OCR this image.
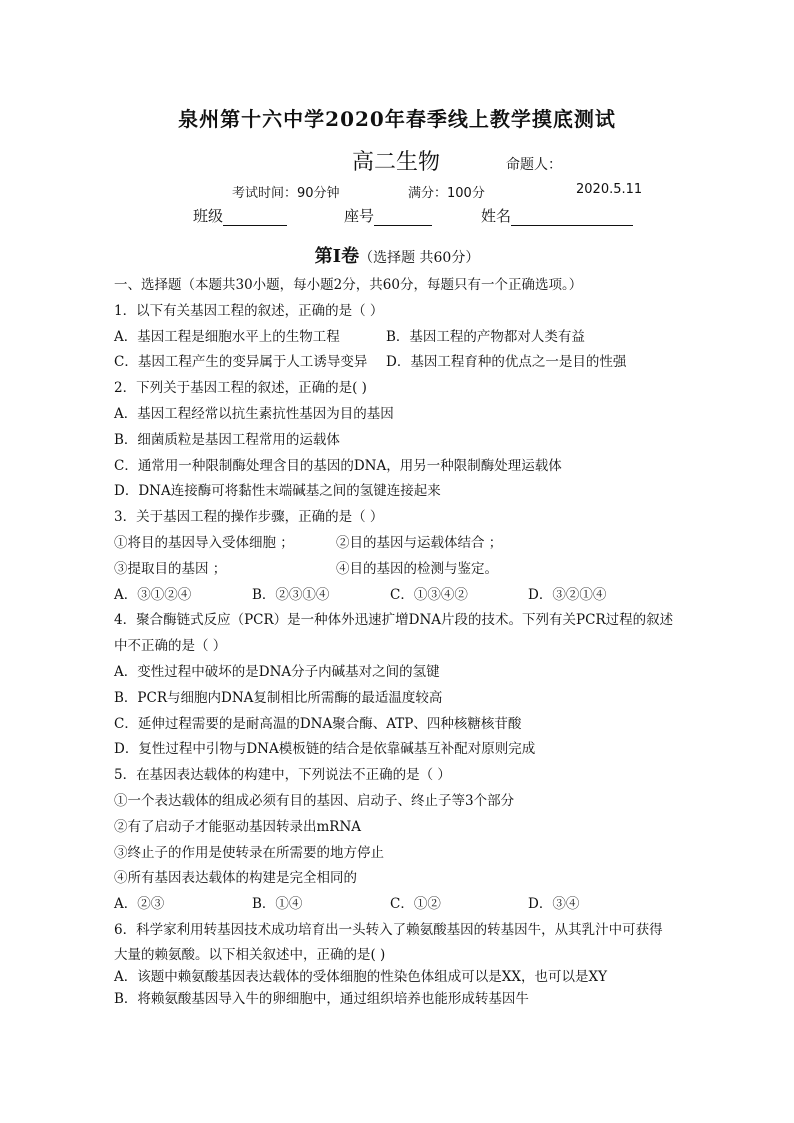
泉州第十六中学2020年春季线上教学摸底测试
高二生物	命题人：
考试时间：90分钟	满分：100分	2020.5.11
班级	座号	姓名
第Ⅰ卷（选择题 共60分）
一、选择题（本题共30小题，每小题2分，共60分，每题只有一个正确选项。）
1．以下有关基因工程的叙述，正确的是（ ）
A．基因工程是细胞水平上的生物工程	B．基因工程的产物都对人类有益
C．基因工程产生的变异属于人工诱导变异 D．基因工程育种的优点之一是目的性强
2．下列关于基因工程的叙述，正确的是( )
A．基因工程经常以抗生素抗性基因为目的基因
B．细菌质粒是基因工程常用的运载体
C．通常用一种限制酶处理含目的基因的DNA，用另一种限制酶处理运载体
D．DNA连接酶可将黏性末端碱基之间的氢键连接起来
3．关于基因工程的操作步骤，正确的是（ ）
①将目的基因导入受体细胞 ；	②目的基因与运载体结合 ；
③提取目的基因 ；	④目的基因的检测与鉴定。
A．③①②④	B．②③①④	C．①③④②	D．③②①④
4．聚合酶链式反应（PCR）是一种体外迅速扩增DNA片段的技术。下列有关PCR过程的叙述
中不正确的是（ ）
A．变性过程中破坏的是DNA分子内碱基对之间的氢键
B．PCR与细胞内DNA复制相比所需酶的最适温度较高
C．延伸过程需要的是耐高温的DNA聚合酶、ATP、四种核糖核苷酸
D．复性过程中引物与DNA模板链的结合是依靠碱基互补配对原则完成
5．在基因表达载体的构建中，下列说法不正确的是（ ）
①一个表达载体的组成必须有目的基因、启动子、终止子等3个部分
②有了启动子才能驱动基因转录出mRNA
③终止子的作用是使转录在所需要的地方停止
④所有基因表达载体的构建是完全相同的
A．②③	B．①④	C．①②	D．③④
6．科学家利用转基因技术成功培育出一头转入了赖氨酸基因的转基因牛，从其乳汁中可获得
大量的赖氨酸。以下相关叙述中，正确的是( )
A．该题中赖氨酸基因表达载体的受体细胞的性染色体组成可以是XX，也可以是XY
B．将赖氨酸基因导入牛的卵细胞中，通过组织培养也能形成转基因牛
